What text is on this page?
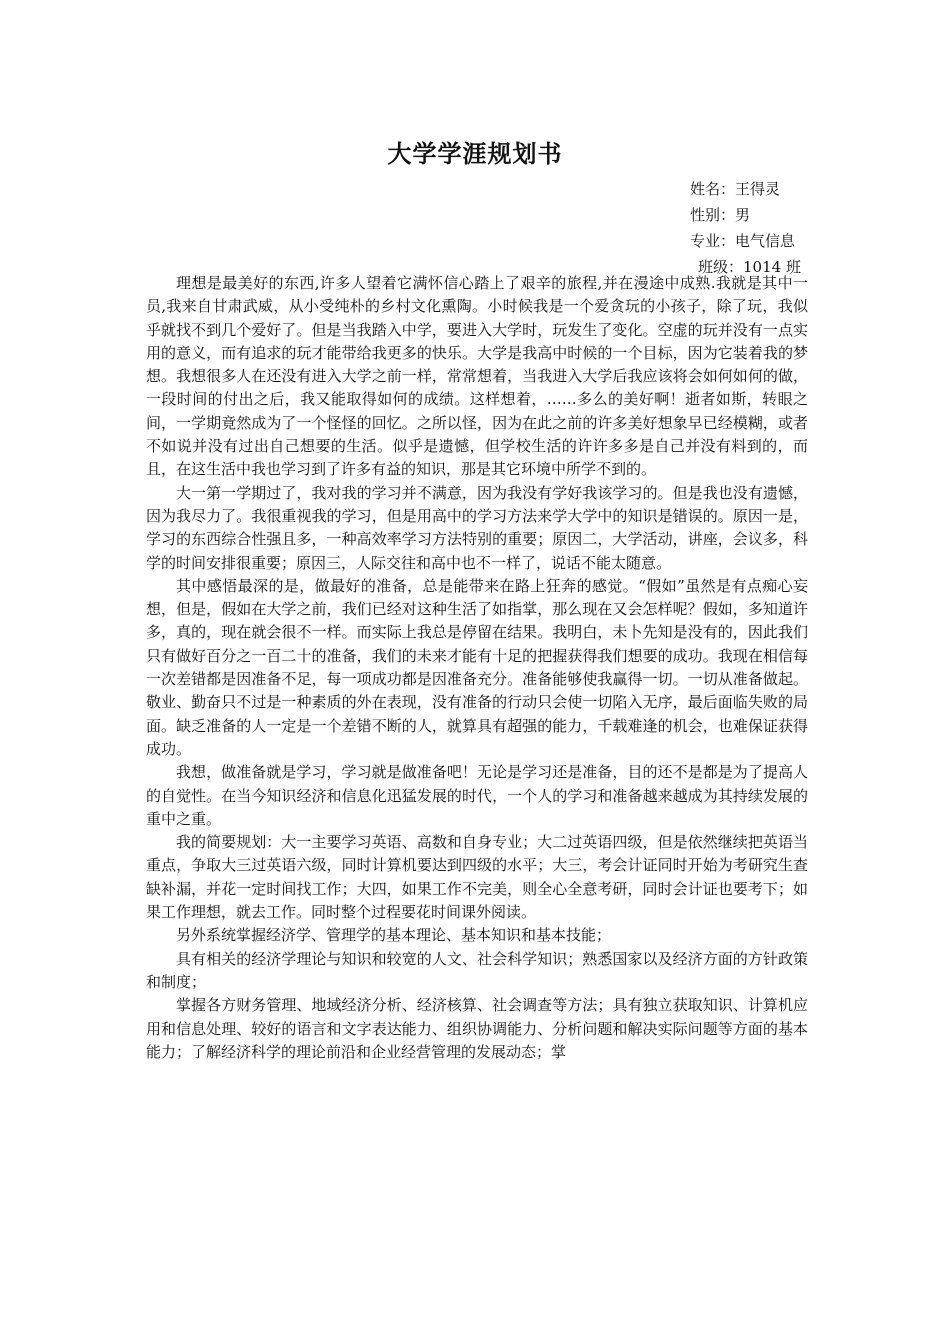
大学学涯规划书
姓名：王得灵
性别：男
专业：电气信息
班级：1014 班

理想是最美好的东西,许多人望着它满怀信心踏上了艰辛的旅程,并在漫途中成熟.我就是其中一员,我来自甘肃武威，从小受纯朴的乡村文化熏陶。小时候我是一个爱贪玩的小孩子，除了玩，我似乎就找不到几个爱好了。但是当我踏入中学，要进入大学时，玩发生了变化。空虚的玩并没有一点实用的意义，而有追求的玩才能带给我更多的快乐。大学是我高中时候的一个目标，因为它装着我的梦想。我想很多人在还没有进入大学之前一样，常常想着，当我进入大学后我应该将会如何如何的做，一段时间的付出之后，我又能取得如何的成绩。这样想着，……多么的美好啊！逝者如斯，转眼之间，一学期竟然成为了一个怪怪的回忆。之所以怪，因为在此之前的许多美好想象早已经模糊，或者不如说并没有过出自己想要的生活。似乎是遗憾，但学校生活的许许多多是自己并没有料到的，而且，在这生活中我也学习到了许多有益的知识，那是其它环境中所学不到的。

大一第一学期过了，我对我的学习并不满意，因为我没有学好我该学习的。但是我也没有遗憾，因为我尽力了。我很重视我的学习，但是用高中的学习方法来学大学中的知识是错误的。原因一是，学习的东西综合性强且多，一种高效率学习方法特别的重要；原因二，大学活动，讲座，会议多，科学的时间安排很重要；原因三，人际交往和高中也不一样了，说话不能太随意。

其中感悟最深的是，做最好的准备，总是能带来在路上狂奔的感觉。“假如”虽然是有点痴心妄想，但是，假如在大学之前，我们已经对这种生活了如指掌，那么现在又会怎样呢？假如，多知道许多，真的，现在就会很不一样。而实际上我总是停留在结果。我明白，未卜先知是没有的，因此我们只有做好百分之一百二十的准备，我们的未来才能有十足的把握获得我们想要的成功。我现在相信每一次差错都是因准备不足，每一项成功都是因准备充分。准备能够使我赢得一切。一切从准备做起。敬业、勤奋只不过是一种素质的外在表现，没有准备的行动只会使一切陷入无序，最后面临失败的局面。缺乏准备的人一定是一个差错不断的人，就算具有超强的能力，千载难逢的机会，也难保证获得成功。

我想，做准备就是学习，学习就是做准备吧！无论是学习还是准备，目的还不是都是为了提高人的自觉性。在当今知识经济和信息化迅猛发展的时代，一个人的学习和准备越来越成为其持续发展的重中之重。

我的简要规划：大一主要学习英语、高数和自身专业；大二过英语四级，但是依然继续把英语当重点，争取大三过英语六级，同时计算机要达到四级的水平；大三，考会计证同时开始为考研究生查缺补漏，并花一定时间找工作；大四，如果工作不完美，则全心全意考研，同时会计证也要考下；如果工作理想，就去工作。同时整个过程要花时间课外阅读。

另外系统掌握经济学、管理学的基本理论、基本知识和基本技能；

具有相关的经济学理论与知识和较宽的人文、社会科学知识；熟悉国家以及经济方面的方针政策和制度；

掌握各方财务管理、地域经济分析、经济核算、社会调查等方法；具有独立获取知识、计算机应用和信息处理、较好的语言和文字表达能力、组织协调能力、分析问题和解决实际问题等方面的基本能力；了解经济科学的理论前沿和企业经营管理的发展动态；掌
